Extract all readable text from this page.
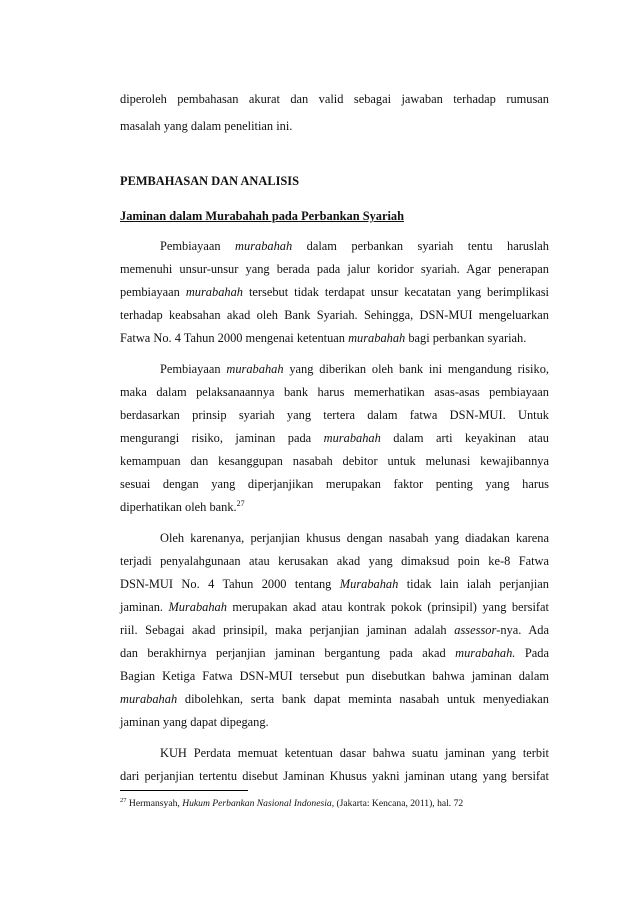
diperoleh pembahasan akurat dan valid sebagai jawaban terhadap rumusan
masalah yang dalam penelitian ini.
PEMBAHASAN DAN ANALISIS
Jaminan dalam Murabahah pada Perbankan Syariah
Pembiayaan murabahah dalam perbankan syariah tentu haruslah
memenuhi unsur-unsur yang berada pada jalur koridor syariah. Agar penerapan
pembiayaan murabahah tersebut tidak terdapat unsur kecatatan yang berimplikasi
terhadap keabsahan akad oleh Bank Syariah. Sehingga, DSN-MUI mengeluarkan
Fatwa No. 4 Tahun 2000 mengenai ketentuan murabahah bagi perbankan syariah.
Pembiayaan murabahah yang diberikan oleh bank ini mengandung risiko,
maka dalam pelaksanaannya bank harus memerhatikan asas-asas pembiayaan
berdasarkan prinsip syariah yang tertera dalam fatwa DSN-MUI. Untuk
mengurangi risiko, jaminan pada murabahah dalam arti keyakinan atau
kemampuan dan kesanggupan nasabah debitor untuk melunasi kewajibannya
sesuai dengan yang diperjanjikan merupakan faktor penting yang harus
diperhatikan oleh bank.$^{27}$
Oleh karenanya, perjanjian khusus dengan nasabah yang diadakan karena
terjadi penyalahgunaan atau kerusakan akad yang dimaksud poin ke-8 Fatwa
DSN-MUI No. 4 Tahun 2000 tentang Murabahah tidak lain ialah perjanjian
jaminan. Murabahah merupakan akad atau kontrak pokok (prinsipil) yang bersifat
riil. Sebagai akad prinsipil, maka perjanjian jaminan adalah assessor-nya. Ada
dan berakhirnya perjanjian jaminan bergantung pada akad murabahah. Pada
Bagian Ketiga Fatwa DSN-MUI tersebut pun disebutkan bahwa jaminan dalam
murabahah dibolehkan, serta bank dapat meminta nasabah untuk menyediakan
jaminan yang dapat dipegang.
KUH Perdata memuat ketentuan dasar bahwa suatu jaminan yang terbit
dari perjanjian tertentu disebut Jaminan Khusus yakni jaminan utang yang bersifat
$^{27}$ Hermansyah, Hukum Perbankan Nasional Indonesia, (Jakarta: Kencana, 2011), hal. 72
